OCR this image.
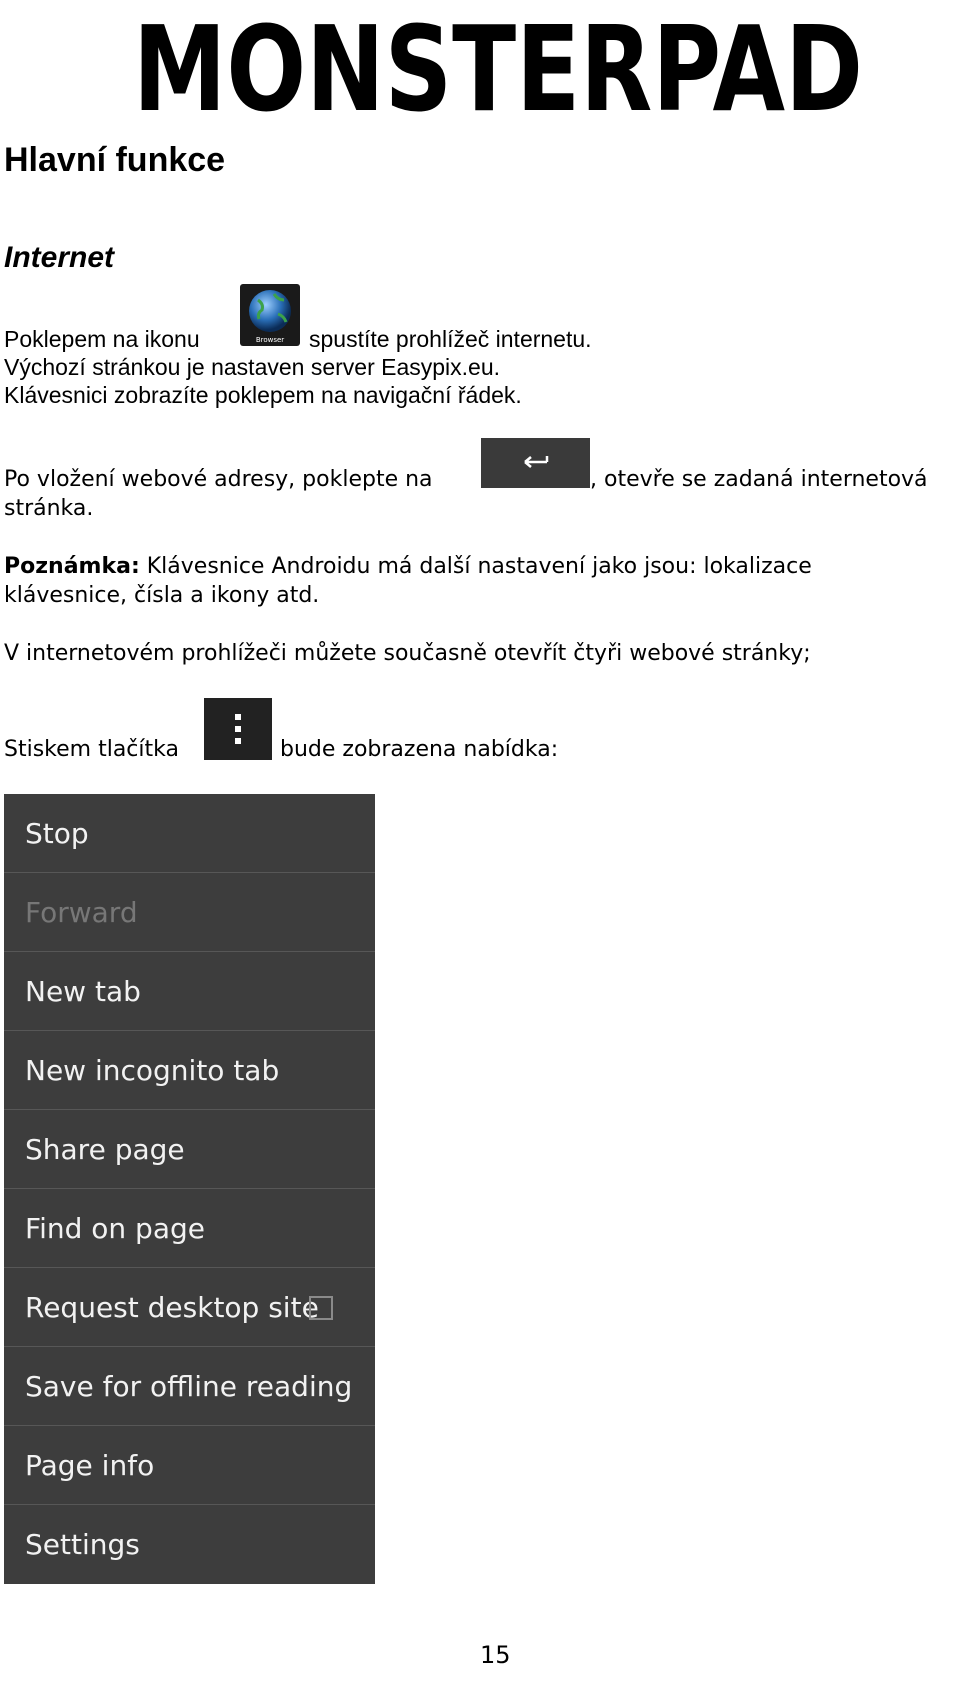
MONSTERPAD
Hlavní funkce
Internet
Poklepem na ikonu	Browser	spustíte prohlížeč internetu.
Výchozí stránkou je nastaven server Easypix.eu.
Klávesnici zobrazíte poklepem na navigační řádek.
Po vložení webové adresy, poklepte na	, otevře se zadaná internetová
stránka.
Poznámka: Klávesnice Androidu má další nastavení jako jsou: lokalizace
klávesnice, čísla a ikony atd.
V internetovém prohlížeči můžete současně otevřít čtyři webové stránky;
Stiskem tlačítka	bude zobrazena nabídka:
Stop
Forward
New tab
New incognito tab
Share page
Find on page
Request desktop site
Save for offline reading
Page info
Settings
15
